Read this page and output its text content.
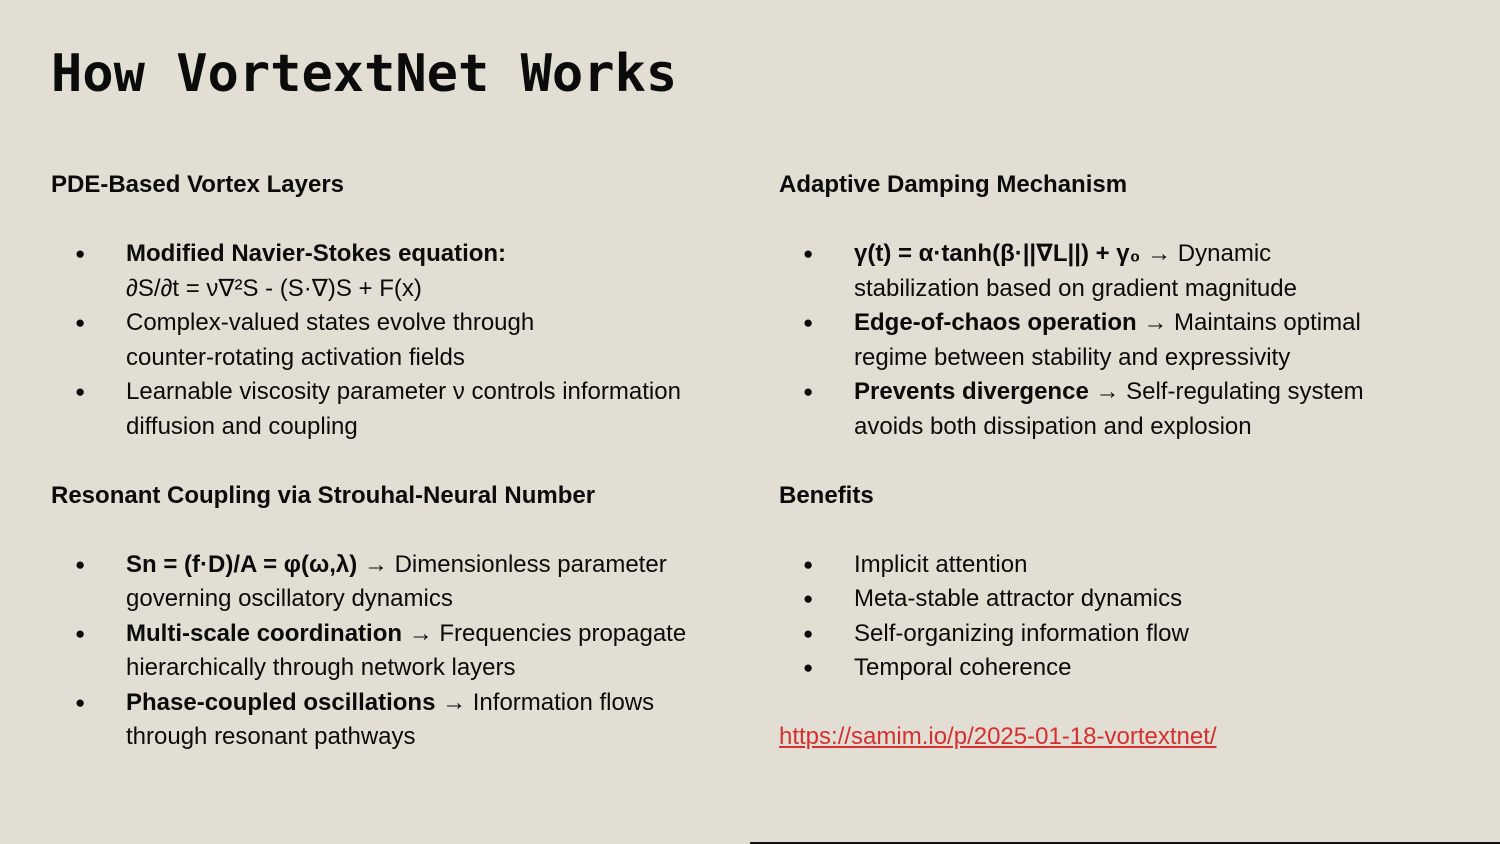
How VortextNet Works
PDE-Based Vortex Layers
● Modified Navier-Stokes equation:
∂S/∂t = ν∇²S - (S·∇)S + F(x)
● Complex-valued states evolve through
counter-rotating activation fields
● Learnable viscosity parameter ν controls information
diffusion and coupling
Resonant Coupling via Strouhal-Neural Number
● Sn = (f·D)/A = φ(ω,λ) → Dimensionless parameter
governing oscillatory dynamics
● Multi-scale coordination → Frequencies propagate
hierarchically through network layers
● Phase-coupled oscillations → Information flows
through resonant pathways
Adaptive Damping Mechanism
● γ(t) = α·tanh(β·||∇L||) + γ₀ → Dynamic
stabilization based on gradient magnitude
● Edge-of-chaos operation → Maintains optimal
regime between stability and expressivity
● Prevents divergence → Self-regulating system
avoids both dissipation and explosion
Benefits
● Implicit attention
● Meta-stable attractor dynamics
● Self-organizing information flow
● Temporal coherence
https://samim.io/p/2025-01-18-vortextnet/
